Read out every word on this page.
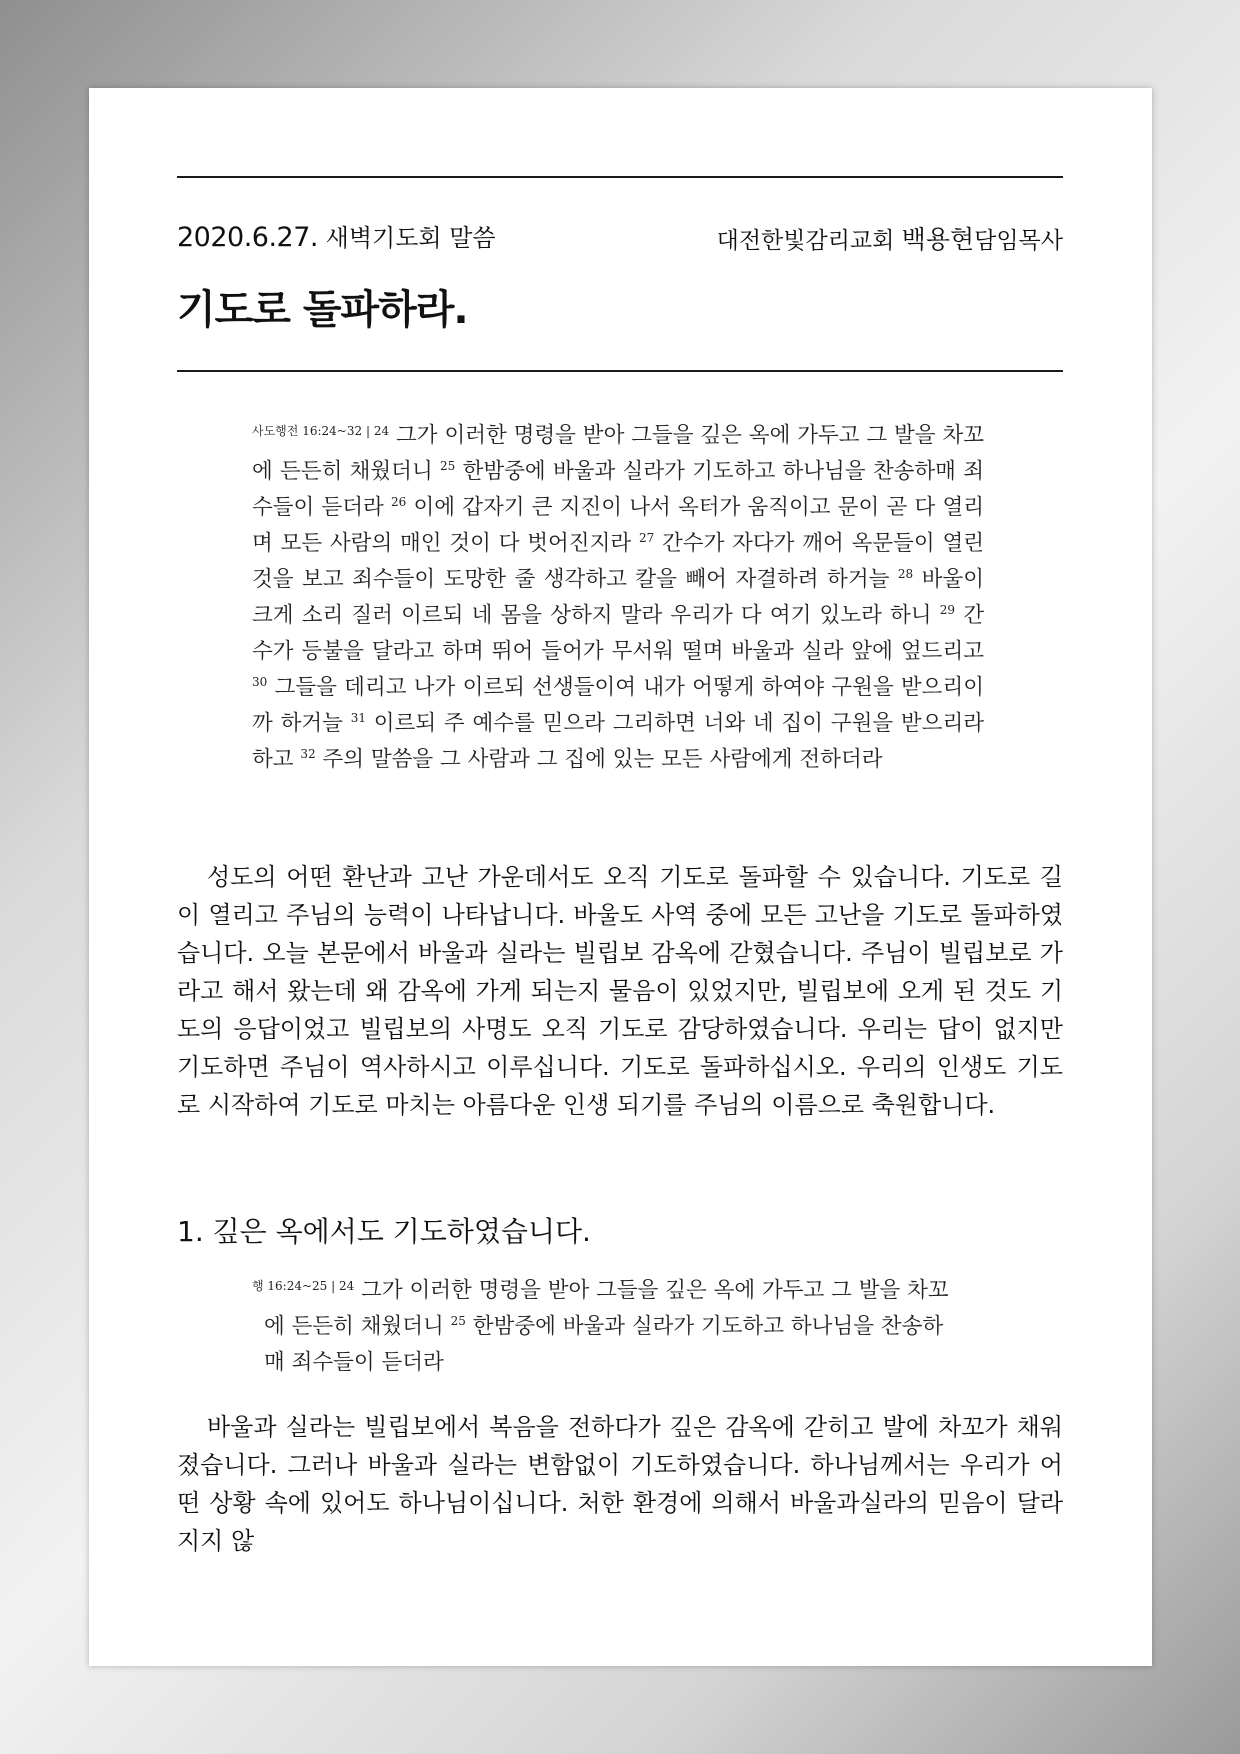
2020.6.27. 새벽기도회 말씀	대전한빛감리교회 백용현담임목사
기도로 돌파하라.
$^{사도행전 16:24\sim 32 | 24}$ 그가 이러한 명령을 받아 그들을 깊은 옥에 가두고 그 발을 차꼬에 든든히 채웠더니 $^{25}$ 한밤중에 바울과 실라가 기도하고 하나님을 찬송하매 죄수들이 듣더라 $^{26}$ 이에 갑자기 큰 지진이 나서 옥터가 움직이고 문이 곧 다 열리며 모든 사람의 매인 것이 다 벗어진지라 $^{27}$ 간수가 자다가 깨어 옥문들이 열린 것을 보고 죄수들이 도망한 줄 생각하고 칼을 빼어 자결하려 하거늘 $^{28}$ 바울이 크게 소리 질러 이르되 네 몸을 상하지 말라 우리가 다 여기 있노라 하니 $^{29}$ 간수가 등불을 달라고 하며 뛰어 들어가 무서워 떨며 바울과 실라 앞에 엎드리고 $^{30}$ 그들을 데리고 나가 이르되 선생들이여 내가 어떻게 하여야 구원을 받으리이까 하거늘 $^{31}$ 이르되 주 예수를 믿으라 그리하면 너와 네 집이 구원을 받으리라 하고 $^{32}$ 주의 말씀을 그 사람과 그 집에 있는 모든 사람에게 전하더라

성도의 어떤 환난과 고난 가운데서도 오직 기도로 돌파할 수 있습니다. 기도로 길이 열리고 주님의 능력이 나타납니다. 바울도 사역 중에 모든 고난을 기도로 돌파하였습니다. 오늘 본문에서 바울과 실라는 빌립보 감옥에 갇혔습니다. 주님이 빌립보로 가라고 해서 왔는데 왜 감옥에 가게 되는지 물음이 있었지만, 빌립보에 오게 된 것도 기도의 응답이었고 빌립보의 사명도 오직 기도로 감당하였습니다. 우리는 답이 없지만 기도하면 주님이 역사하시고 이루십니다. 기도로 돌파하십시오. 우리의 인생도 기도로 시작하여 기도로 마치는 아름다운 인생 되기를 주님의 이름으로 축원합니다.

1. 깊은 옥에서도 기도하였습니다.
$^{행 16:24\sim 25 | 24}$ 그가 이러한 명령을 받아 그들을 깊은 옥에 가두고 그 발을 차꼬
에 든든히 채웠더니 $^{25}$ 한밤중에 바울과 실라가 기도하고 하나님을 찬송하
매 죄수들이 듣더라

바울과 실라는 빌립보에서 복음을 전하다가 깊은 감옥에 갇히고 발에 차꼬가 채워졌습니다. 그러나 바울과 실라는 변함없이 기도하였습니다. 하나님께서는 우리가 어떤 상황 속에 있어도 하나님이십니다. 처한 환경에 의해서 바울과실라의 믿음이 달라지지 않
